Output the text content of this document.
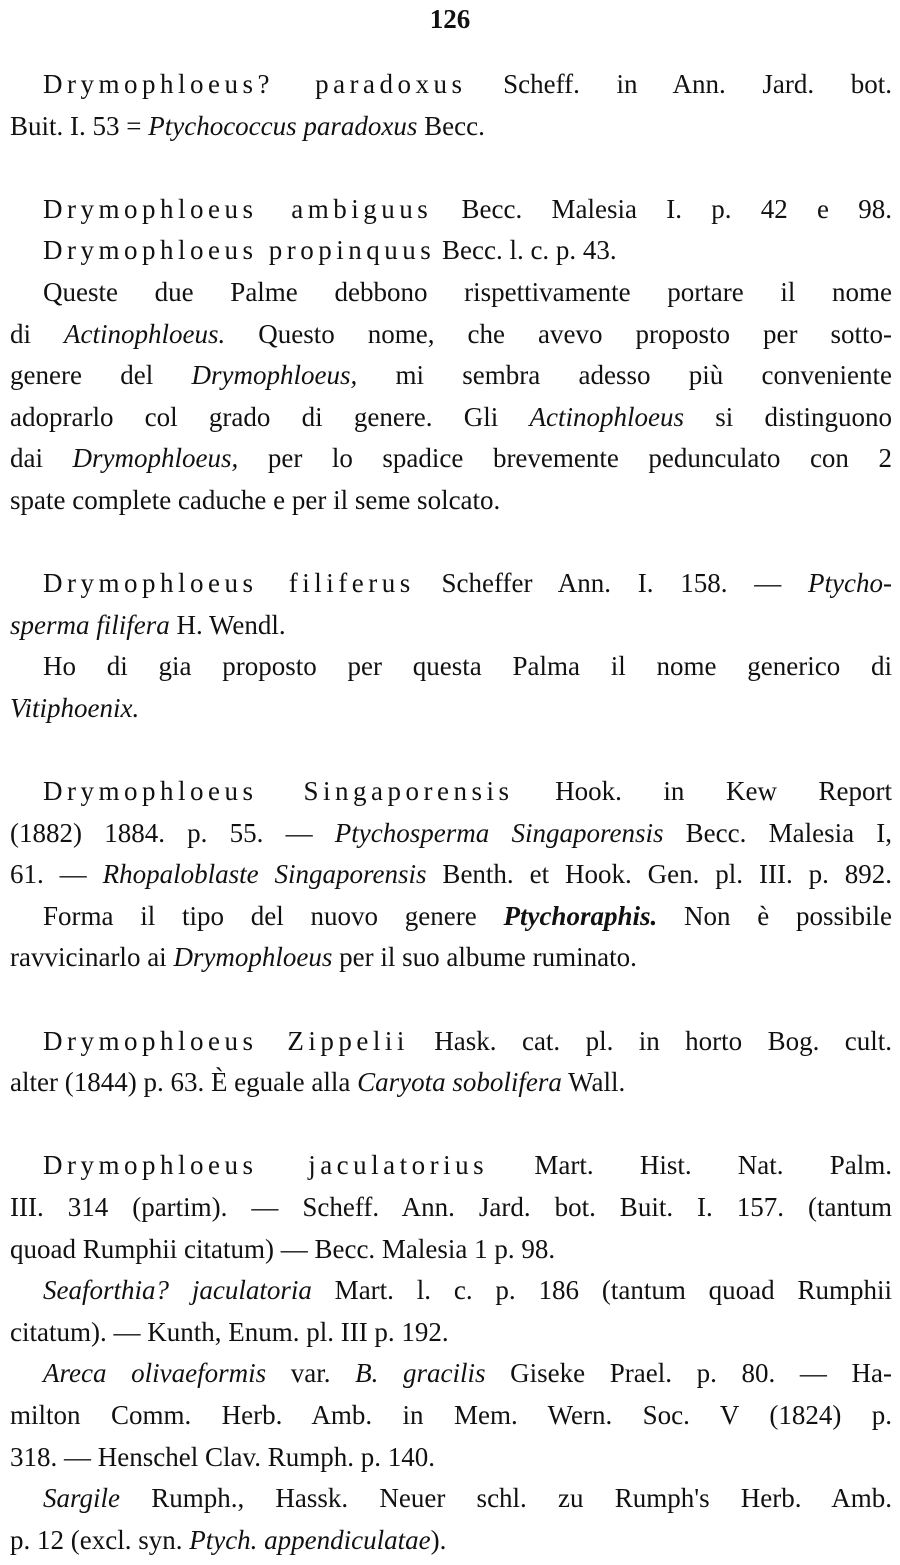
126
Drymophloeus? paradoxus Scheff. in Ann. Jard. bot.
Buit. I. 53 = Ptychococcus paradoxus Becc.
Drymophloeus ambiguus Becc. Malesia I. p. 42 e 98.
Drymophloeus propinquus Becc. l. c. p. 43.
Queste due Palme debbono rispettivamente portare il nome
di Actinophloeus. Questo nome, che avevo proposto per sotto-
genere del Drymophloeus, mi sembra adesso più conveniente
adoprarlo col grado di genere. Gli Actinophloeus si distinguono
dai Drymophloeus, per lo spadice brevemente pedunculato con 2
spate complete caduche e per il seme solcato.
Drymophloeus filiferus Scheffer Ann. I. 158. — Ptycho-
sperma filifera H. Wendl.
Ho di gia proposto per questa Palma il nome generico di
Vitiphoenix.
Drymophloeus Singaporensis Hook. in Kew Report
(1882) 1884. p. 55. — Ptychosperma Singaporensis Becc. Malesia I,
61. — Rhopaloblaste Singaporensis Benth. et Hook. Gen. pl. III. p. 892.
Forma il tipo del nuovo genere Ptychoraphis. Non è possibile
ravvicinarlo ai Drymophloeus per il suo albume ruminato.
Drymophloeus Zippelii Hask. cat. pl. in horto Bog. cult.
alter (1844) p. 63. È eguale alla Caryota sobolifera Wall.
Drymophloeus jaculatorius Mart. Hist. Nat. Palm.
III. 314 (partim). — Scheff. Ann. Jard. bot. Buit. I. 157. (tantum
quoad Rumphii citatum) — Becc. Malesia 1 p. 98.
Seaforthia? jaculatoria Mart. l. c. p. 186 (tantum quoad Rumphii
citatum). — Kunth, Enum. pl. III p. 192.
Areca olivaeformis var. B. gracilis Giseke Prael. p. 80. — Ha-
milton Comm. Herb. Amb. in Mem. Wern. Soc. V (1824) p.
318. — Henschel Clav. Rumph. p. 140.
Sargile Rumph., Hassk. Neuer schl. zu Rumph's Herb. Amb.
p. 12 (excl. syn. Ptych. appendiculatae).
